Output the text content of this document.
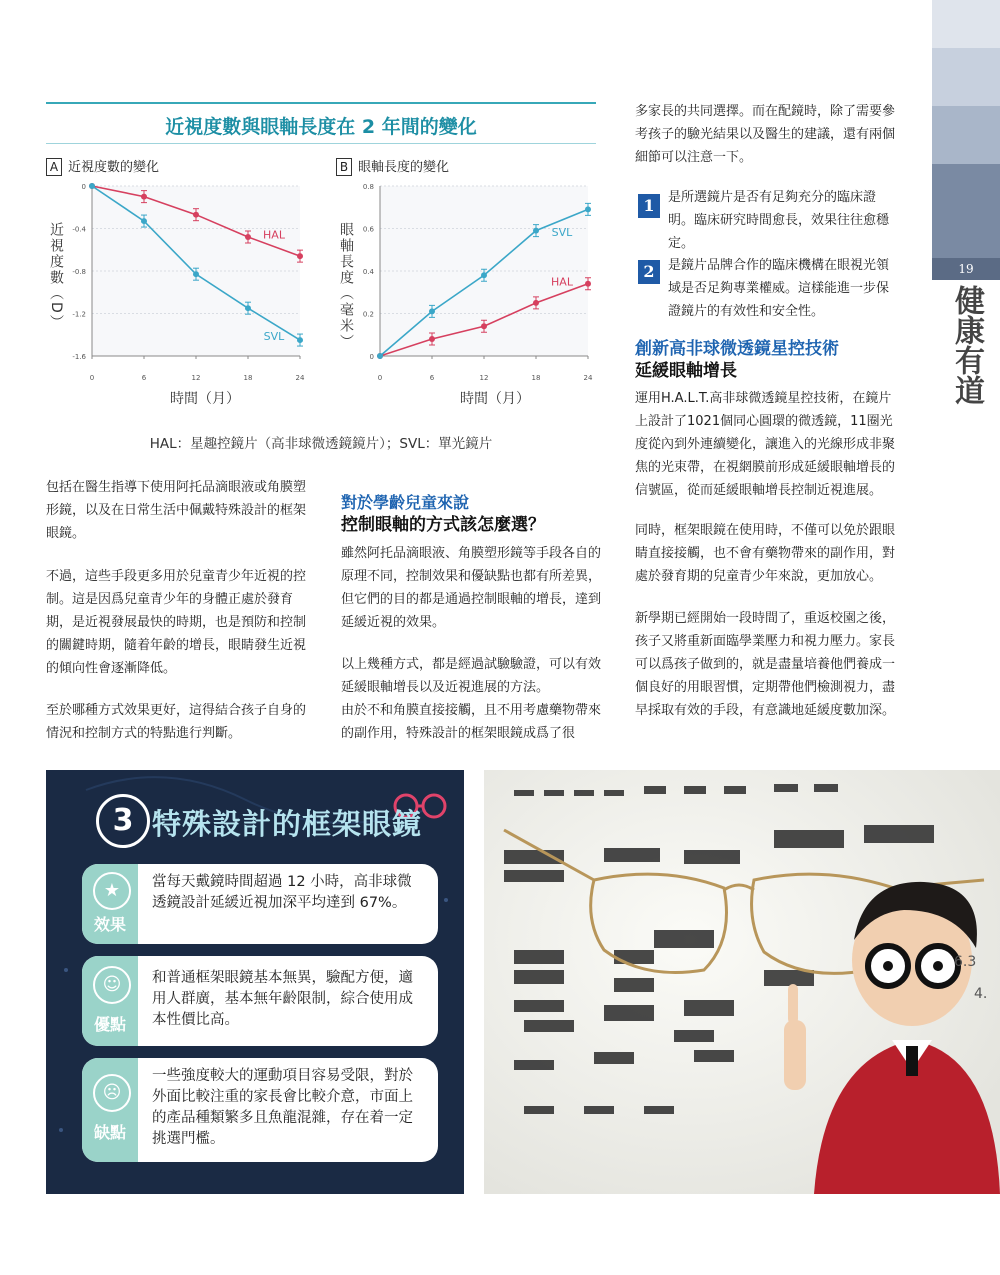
19
健康有道
近視度數與眼軸長度在 2 年間的變化
A 近視度數的變化
近視度數（D）
0
-0.4
-0.8
-1.2
-1.6
0	6	12	18	24
HAL
SVL
時間（月）
B 眼軸長度的變化
眼軸長度（毫米）
0
0.2
0.4
0.6
0.8
0	6	12	18	24
HAL
SVL
時間（月）
HAL：星趣控鏡片（高非球微透鏡鏡片）；SVL：單光鏡片
包括在醫生指導下使用阿托品滴眼液或角膜塑形鏡，以及在日常生活中佩戴特殊設計的框架眼鏡。
不過，這些手段更多用於兒童青少年近視的控制。這是因爲兒童青少年的身體正處於發育期，是近視發展最快的時期，也是預防和控制的關鍵時期，隨着年齡的增長，眼睛發生近視的傾向性會逐漸降低。
至於哪種方式效果更好，這得結合孩子自身的情況和控制方式的特點進行判斷。
對於學齡兒童來說
控制眼軸的方式該怎麼選？
雖然阿托品滴眼液、角膜塑形鏡等手段各自的原理不同，控制效果和優缺點也都有所差異，但它們的目的都是通過控制眼軸的增長，達到延緩近視的效果。
以上幾種方式，都是經過試驗驗證，可以有效延緩眼軸增長以及近視進展的方法。
由於不和角膜直接接觸，且不用考慮藥物帶來的副作用，特殊設計的框架眼鏡成爲了很
多家長的共同選擇。而在配鏡時，除了需要參考孩子的驗光結果以及醫生的建議，還有兩個細節可以注意一下。
1	是所選鏡片是否有足夠充分的臨床證明。臨床研究時間愈長，效果往往愈穩定。
2	是鏡片品牌合作的臨床機構在眼視光領域是否足夠專業權威。這樣能進一步保證鏡片的有效性和安全性。
創新高非球微透鏡星控技術
延緩眼軸增長
運用H.A.L.T.高非球微透鏡星控技術，在鏡片上設計了1021個同心圓環的微透鏡，11圈光度從內到外連續變化，讓進入的光線形成非聚焦的光束帶，在視網膜前形成延緩眼軸增長的信號區，從而延緩眼軸增長控制近視進展。
同時，框架眼鏡在使用時，不僅可以免於跟眼睛直接接觸，也不會有藥物帶來的副作用，對處於發育期的兒童青少年來說，更加放心。
新學期已經開始一段時間了，重返校園之後，孩子又將重新面臨學業壓力和視力壓力。家長可以爲孩子做到的，就是盡量培養他們養成一個良好的用眼習慣，定期帶他們檢測視力，盡早採取有效的手段，有意識地延緩度數加深。
3 特殊設計的框架眼鏡
★
效果
當每天戴鏡時間超過 12 小時，高非球微透鏡設計延緩近視加深平均達到 67%。
☺
優點
和普通框架眼鏡基本無異，驗配方便，適用人群廣，基本無年齡限制，綜合使用成本性價比高。
☹
缺點
一些強度較大的運動項目容易受限，對於外面比較注重的家長會比較介意，市面上的產品種類繁多且魚龍混雜，存在着一定挑選門檻。
6.3
4.
